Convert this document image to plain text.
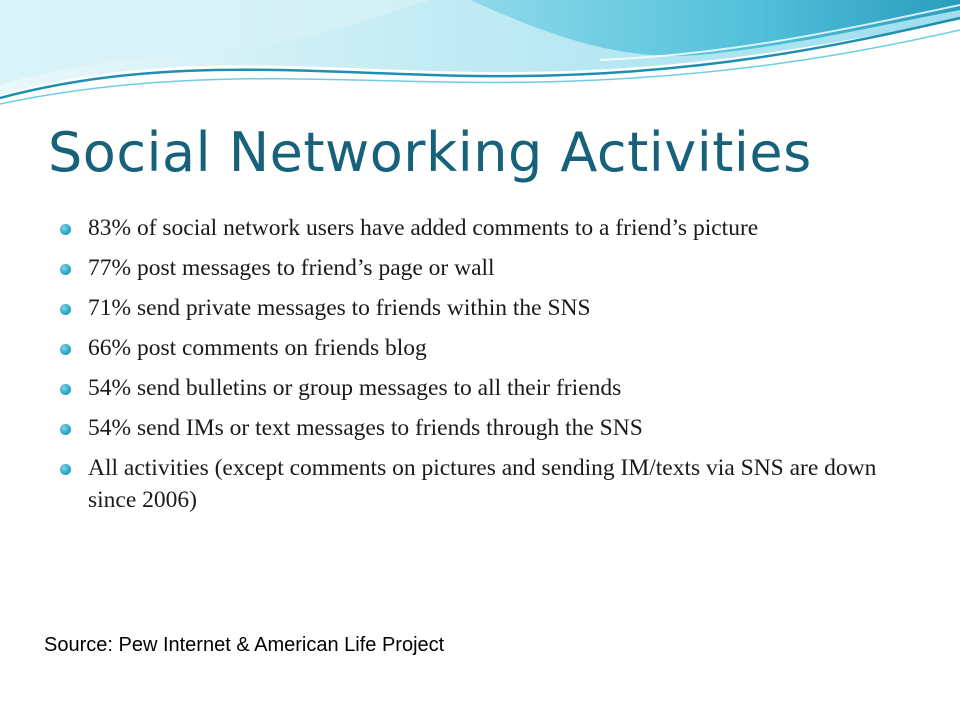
Social Networking Activities
83% of social network users have added comments to a friend’s picture
77% post messages to friend’s page or wall
71% send private messages to friends within the SNS
66% post comments on friends blog
54% send bulletins or group messages to all their friends
54% send IMs or text messages to friends through the SNS
All activities (except comments on pictures and sending IM/texts via SNS are down since 2006)
Source: Pew Internet & American Life Project
